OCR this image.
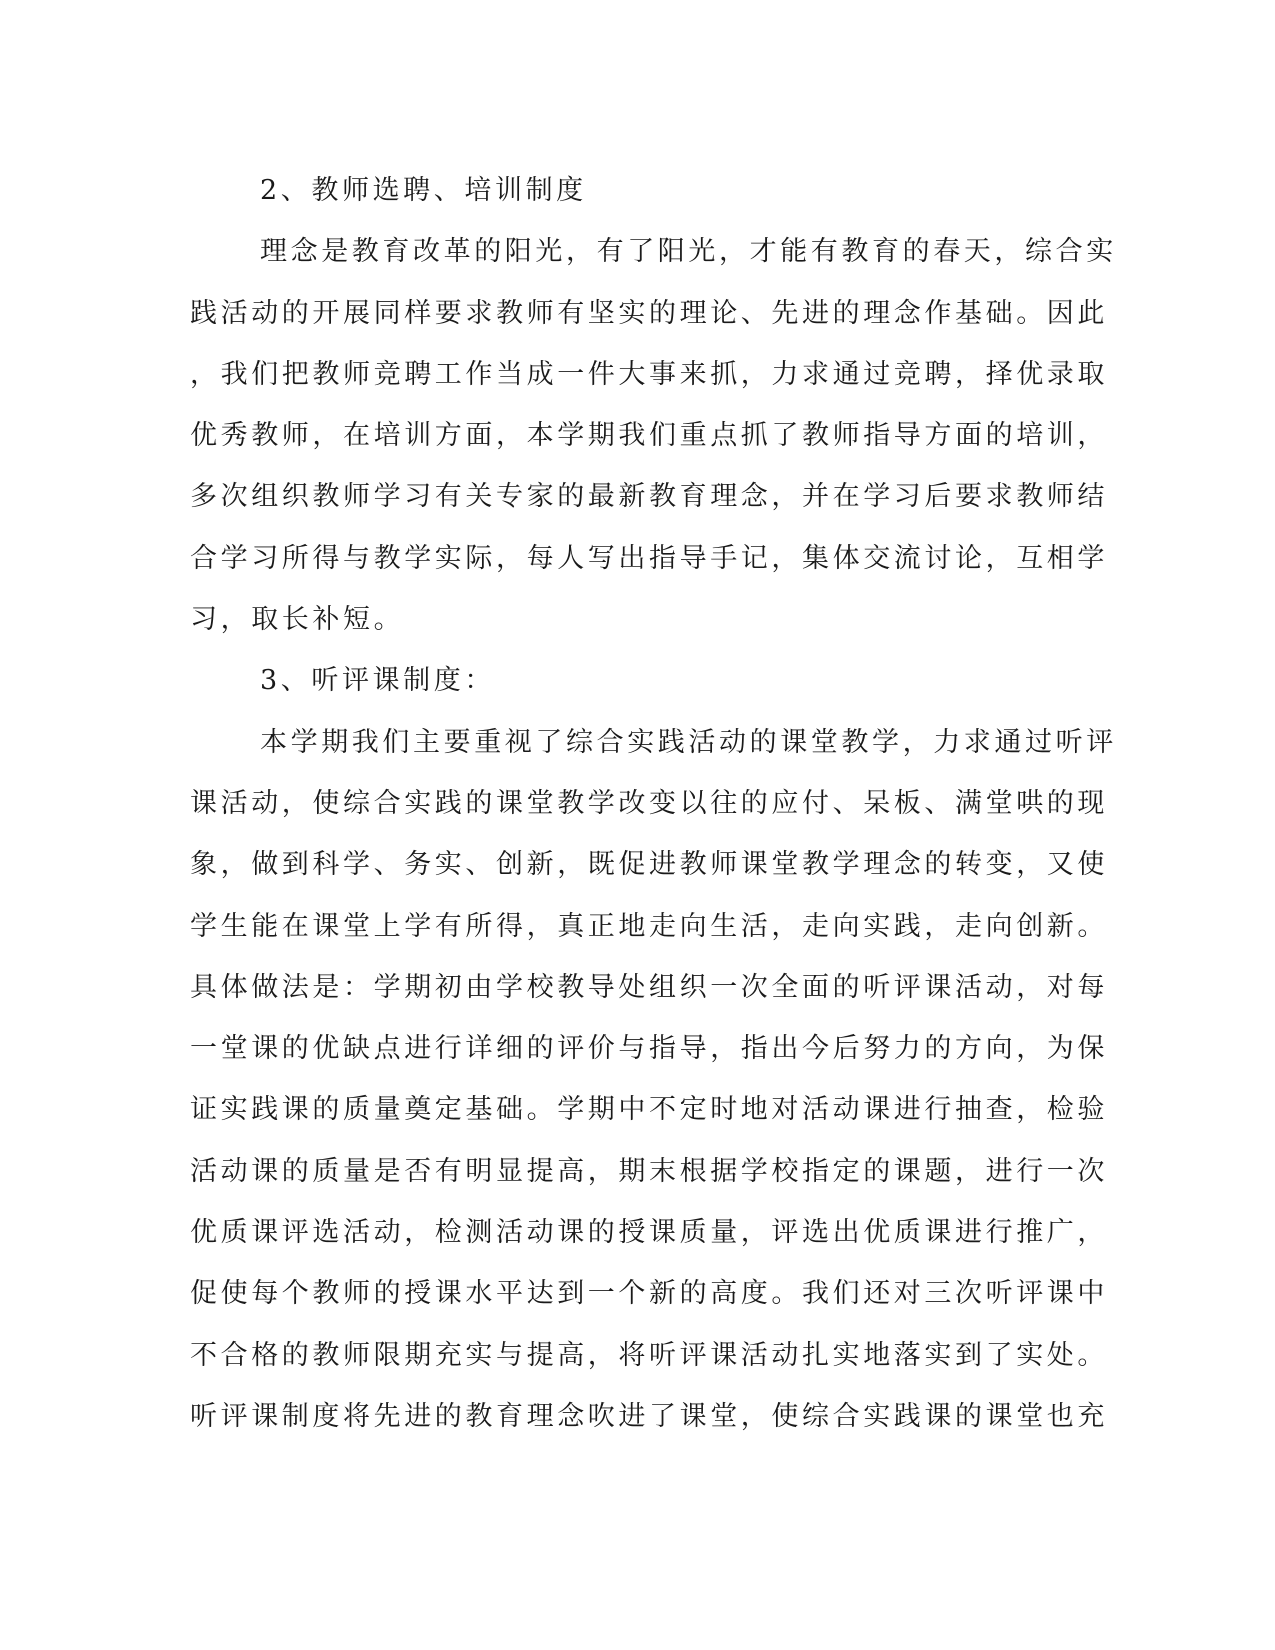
2、教师选聘、培训制度
理念是教育改革的阳光，有了阳光，才能有教育的春天，综合实
践活动的开展同样要求教师有坚实的理论、先进的理念作基础。因此
，我们把教师竞聘工作当成一件大事来抓，力求通过竞聘，择优录取
优秀教师，在培训方面，本学期我们重点抓了教师指导方面的培训，
多次组织教师学习有关专家的最新教育理念，并在学习后要求教师结
合学习所得与教学实际，每人写出指导手记，集体交流讨论，互相学
习，取长补短。
3、听评课制度：
本学期我们主要重视了综合实践活动的课堂教学，力求通过听评
课活动，使综合实践的课堂教学改变以往的应付、呆板、满堂哄的现
象，做到科学、务实、创新，既促进教师课堂教学理念的转变，又使
学生能在课堂上学有所得，真正地走向生活，走向实践，走向创新。
具体做法是：学期初由学校教导处组织一次全面的听评课活动，对每
一堂课的优缺点进行详细的评价与指导，指出今后努力的方向，为保
证实践课的质量奠定基础。学期中不定时地对活动课进行抽查，检验
活动课的质量是否有明显提高，期末根据学校指定的课题，进行一次
优质课评选活动，检测活动课的授课质量，评选出优质课进行推广，
促使每个教师的授课水平达到一个新的高度。我们还对三次听评课中
不合格的教师限期充实与提高，将听评课活动扎实地落实到了实处。
听评课制度将先进的教育理念吹进了课堂，使综合实践课的课堂也充
